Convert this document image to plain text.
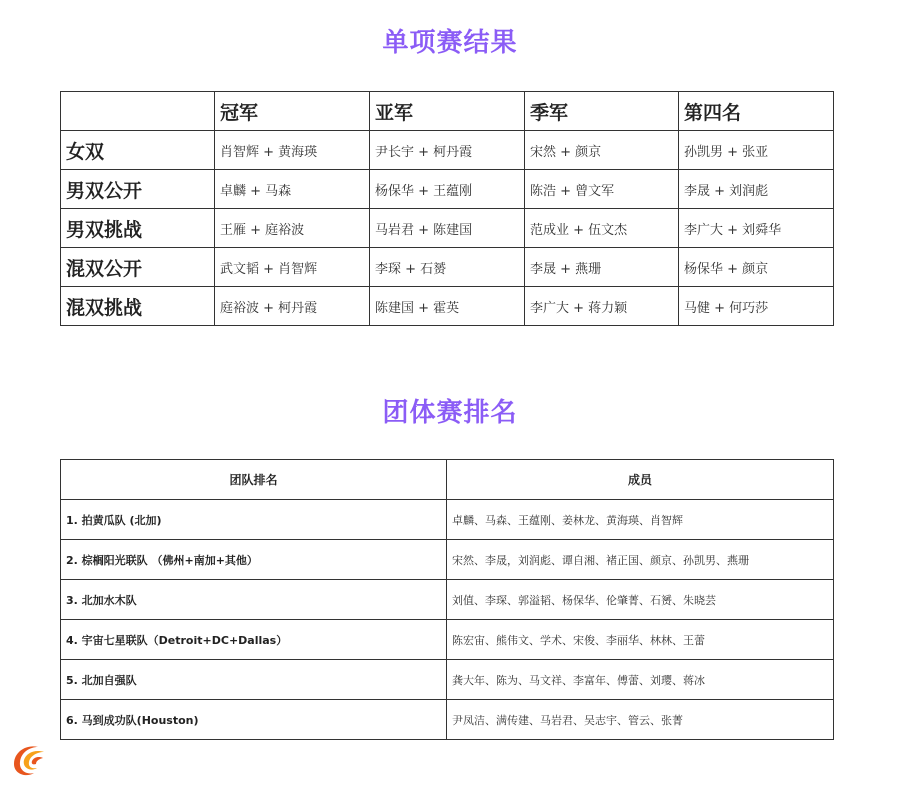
单项赛结果
	冠军	亚军	季军	第四名
女双	肖智辉 + 黄海瑛	尹长宇 + 柯丹霞	宋然 + 颜京	孙凯男 + 张亚
男双公开	卓麟 + 马森	杨保华 + 王蕴刚	陈浩 + 曾文军	李晟 + 刘润彪
男双挑战	王雁 + 庭裕波	马岩君 + 陈建国	范成业 + 伍文杰	李广大 + 刘舜华
混双公开	武文韬 + 肖智辉	李琛 + 石赟	李晟 + 燕珊	杨保华 + 颜京
混双挑战	庭裕波 + 柯丹霞	陈建国 + 霍英	李广大 + 蒋力颖	马健 + 何巧莎
团体赛排名
团队排名	成员
1. 拍黄瓜队 (北加)	卓麟、马森、王蕴刚、姜林龙、黄海瑛、肖智辉
2. 棕榈阳光联队 （佛州+南加+其他）	宋然、李晟，刘润彪、谭自湘、褚正国、颜京、孙凯男、燕珊
3. 北加水木队	刘值、李琛、郭溢韬、杨保华、伦肇菁、石赟、朱晓芸
4. 宇宙七星联队（Detroit+DC+Dallas）	陈宏宙、熊伟文、学术、宋俊、李丽华、林林、王蕾
5. 北加自强队	龚大年、陈为、马文祥、李富年、傅蕾、刘璎、蒋冰
6. 马到成功队(Houston)	尹凤洁、满传建、马岩君、吴志宇、管云、张菁
